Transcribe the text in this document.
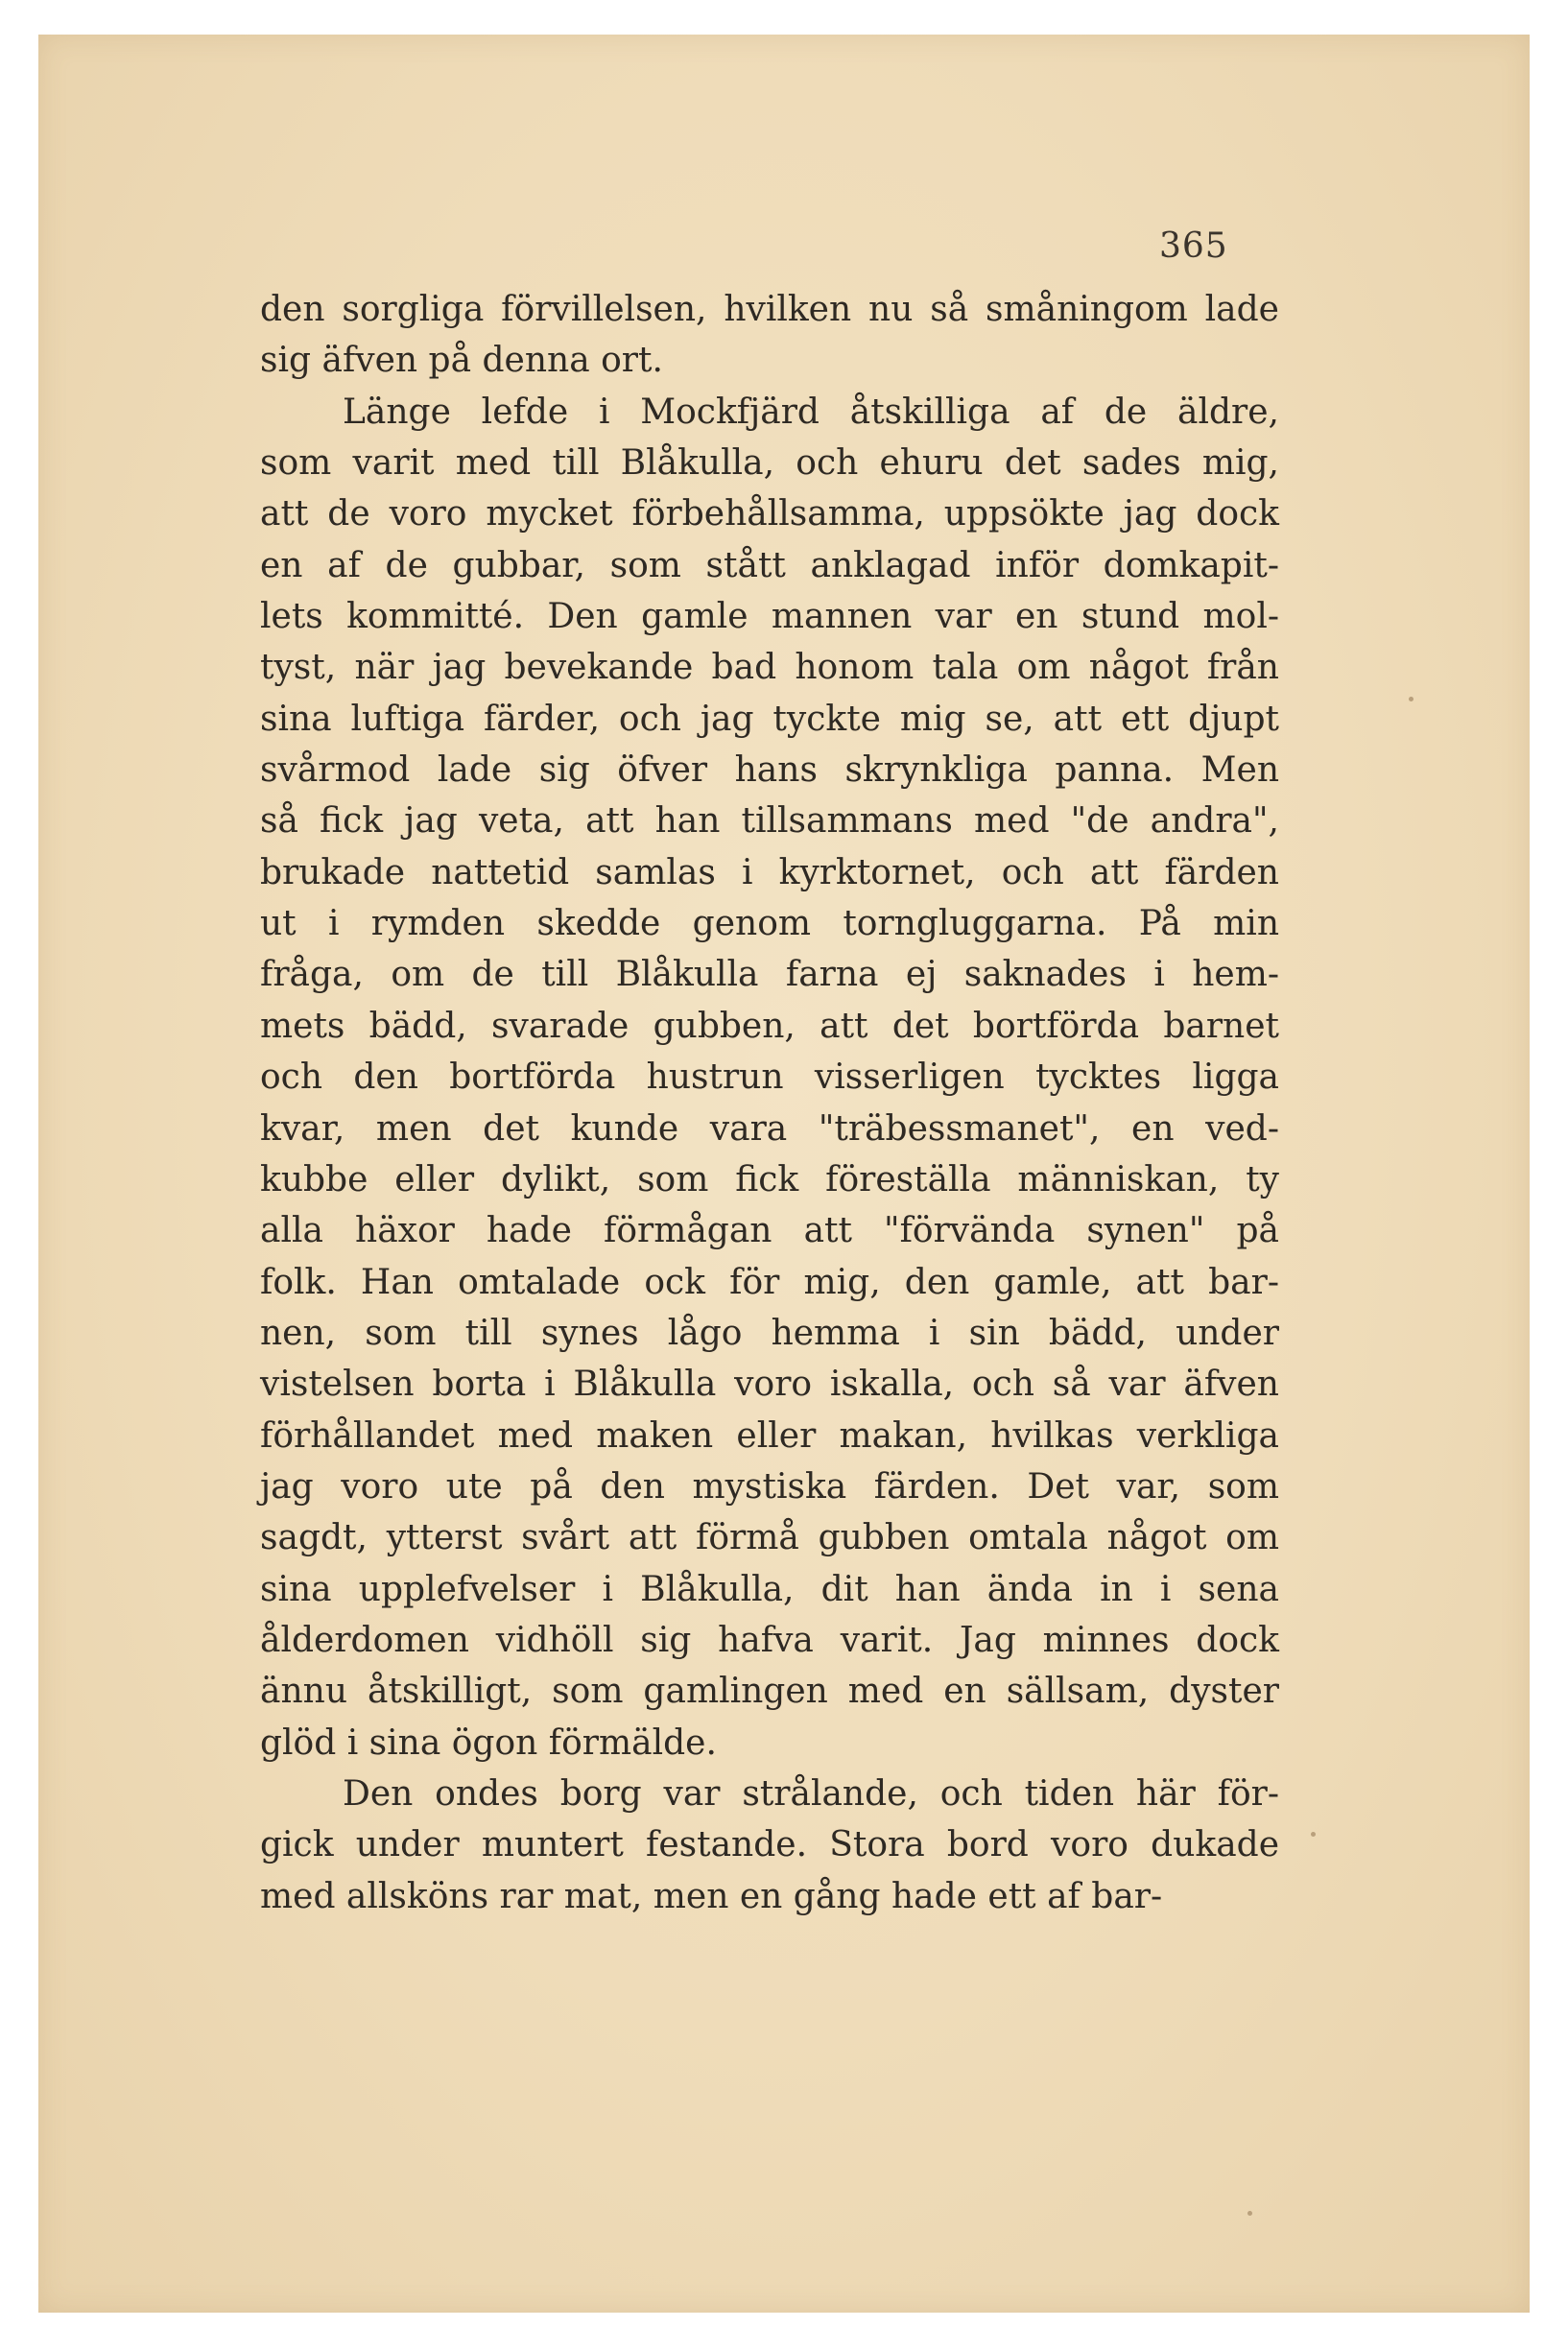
365
den sorgliga förvillelsen, hvilken nu så småningom lade
sig äfven på denna ort.
Länge lefde i Mockfjärd åtskilliga af de äldre,
som varit med till Blåkulla, och ehuru det sades mig,
att de voro mycket förbehållsamma, uppsökte jag dock
en af de gubbar, som stått anklagad inför domkapit-
lets kommitté. Den gamle mannen var en stund mol-
tyst, när jag bevekande bad honom tala om något från
sina luftiga färder, och jag tyckte mig se, att ett djupt
svårmod lade sig öfver hans skrynkliga panna. Men
så fick jag veta, att han tillsammans med "de andra",
brukade nattetid samlas i kyrktornet, och att färden
ut i rymden skedde genom torngluggarna. På min
fråga, om de till Blåkulla farna ej saknades i hem-
mets bädd, svarade gubben, att det bortförda barnet
och den bortförda hustrun visserligen tycktes ligga
kvar, men det kunde vara "träbessmanet", en ved-
kubbe eller dylikt, som fick föreställa människan, ty
alla häxor hade förmågan att "förvända synen" på
folk. Han omtalade ock för mig, den gamle, att bar-
nen, som till synes lågo hemma i sin bädd, under
vistelsen borta i Blåkulla voro iskalla, och så var äfven
förhållandet med maken eller makan, hvilkas verkliga
jag voro ute på den mystiska färden. Det var, som
sagdt, ytterst svårt att förmå gubben omtala något om
sina upplefvelser i Blåkulla, dit han ända in i sena
ålderdomen vidhöll sig hafva varit. Jag minnes dock
ännu åtskilligt, som gamlingen med en sällsam, dyster
glöd i sina ögon förmälde.
Den ondes borg var strålande, och tiden här för-
gick under muntert festande. Stora bord voro dukade
med allsköns rar mat, men en gång hade ett af bar-
